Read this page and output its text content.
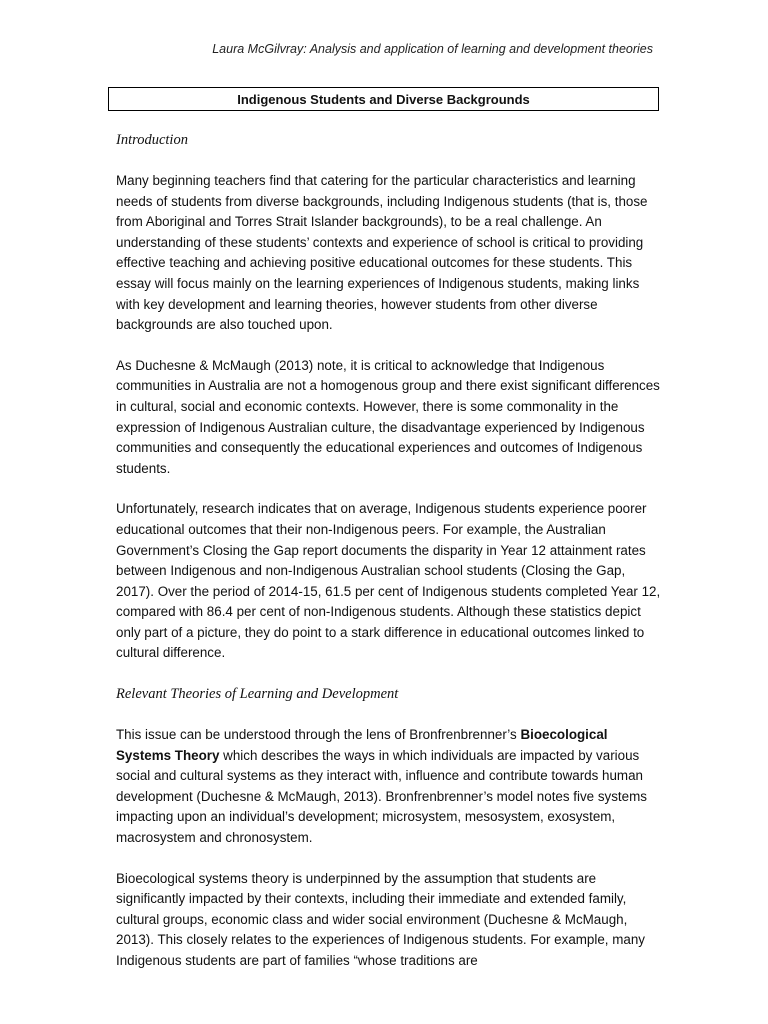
Laura McGilvray: Analysis and application of learning and development theories
Indigenous Students and Diverse Backgrounds
Introduction

Many beginning teachers find that catering for the particular characteristics and learning needs of students from diverse backgrounds, including Indigenous students (that is, those from Aboriginal and Torres Strait Islander backgrounds), to be a real challenge. An understanding of these students’ contexts and experience of school is critical to providing effective teaching and achieving positive educational outcomes for these students. This essay will focus mainly on the learning experiences of Indigenous students, making links with key development and learning theories, however students from other diverse backgrounds are also touched upon.

As Duchesne & McMaugh (2013) note, it is critical to acknowledge that Indigenous communities in Australia are not a homogenous group and there exist significant differences in cultural, social and economic contexts. However, there is some commonality in the expression of Indigenous Australian culture, the disadvantage experienced by Indigenous communities and consequently the educational experiences and outcomes of Indigenous students.

Unfortunately, research indicates that on average, Indigenous students experience poorer educational outcomes that their non-Indigenous peers. For example, the Australian Government’s Closing the Gap report documents the disparity in Year 12 attainment rates between Indigenous and non-Indigenous Australian school students (Closing the Gap, 2017). Over the period of 2014-15, 61.5 per cent of Indigenous students completed Year 12, compared with 86.4 per cent of non-Indigenous students. Although these statistics depict only part of a picture, they do point to a stark difference in educational outcomes linked to cultural difference.

Relevant Theories of Learning and Development

This issue can be understood through the lens of Bronfrenbrenner’s Bioecological Systems Theory which describes the ways in which individuals are impacted by various social and cultural systems as they interact with, influence and contribute towards human development (Duchesne & McMaugh, 2013). Bronfrenbrenner’s model notes five systems impacting upon an individual’s development; microsystem, mesosystem, exosystem, macrosystem and chronosystem.

Bioecological systems theory is underpinned by the assumption that students are significantly impacted by their contexts, including their immediate and extended family, cultural groups, economic class and wider social environment (Duchesne & McMaugh, 2013). This closely relates to the experiences of Indigenous students. For example, many Indigenous students are part of families “whose traditions are
